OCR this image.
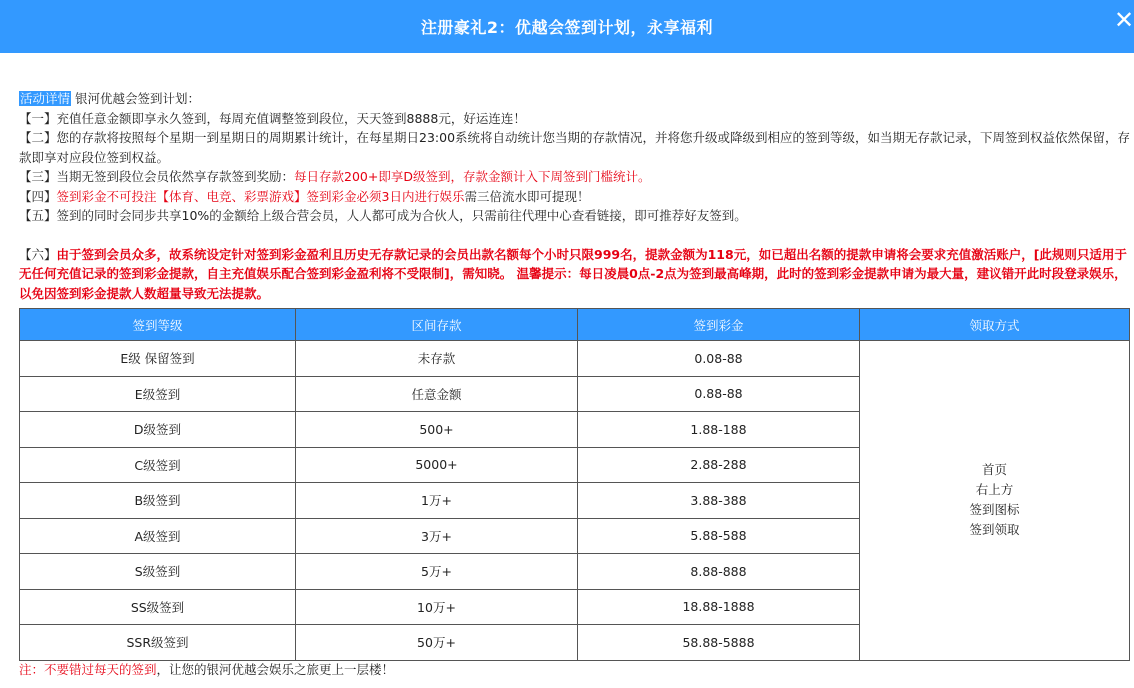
注册豪礼2：优越会签到计划，永享福利	✕
活动详情 银河优越会签到计划：
【一】充值任意金额即享永久签到，每周充值调整签到段位，天天签到8888元，好运连连！
【二】您的存款将按照每个星期一到星期日的周期累计统计，在每星期日23:00系统将自动统计您当期的存款情况，并将您升级或降级到相应的签到等级，如当期无存款记录，下周签到权益依然保留，存款即享对应段位签到权益。
【三】当期无签到段位会员依然享存款签到奖励：每日存款200+即享D级签到，存款金额计入下周签到门槛统计。
【四】签到彩金不可投注【体育、电竞、彩票游戏】签到彩金必须3日内进行娱乐需三倍流水即可提现！
【五】签到的同时会同步共享10%的金额给上级合营会员，人人都可成为合伙人，只需前往代理中心查看链接，即可推荐好友签到。
【六】由于签到会员众多，故系统设定针对签到彩金盈利且历史无存款记录的会员出款名额每个小时只限999名，提款金额为118元，如已超出名额的提款申请将会要求充值激活账户，[此规则只适用于无任何充值记录的签到彩金提款，自主充值娱乐配合签到彩金盈利将不受限制]，需知晓。 温馨提示：每日凌晨0点-2点为签到最高峰期，此时的签到彩金提款申请为最大量，建议错开此时段登录娱乐，以免因签到彩金提款人数超量导致无法提款。
签到等级	区间存款	签到彩金	领取方式
E级 保留签到	未存款	0.08-88	首页
右上方
签到图标
签到领取

E级签到	任意金额	0.88-88	
D级签到	500+	1.88-188	
C级签到	5000+	2.88-288	
B级签到	1万+	3.88-388	
A级签到	3万+	5.88-588	
S级签到	5万+	8.88-888	
SS级签到	10万+	18.88-1888	
SSR级签到	50万+	58.88-5888	
注：不要错过每天的签到，让您的银河优越会娱乐之旅更上一层楼！
